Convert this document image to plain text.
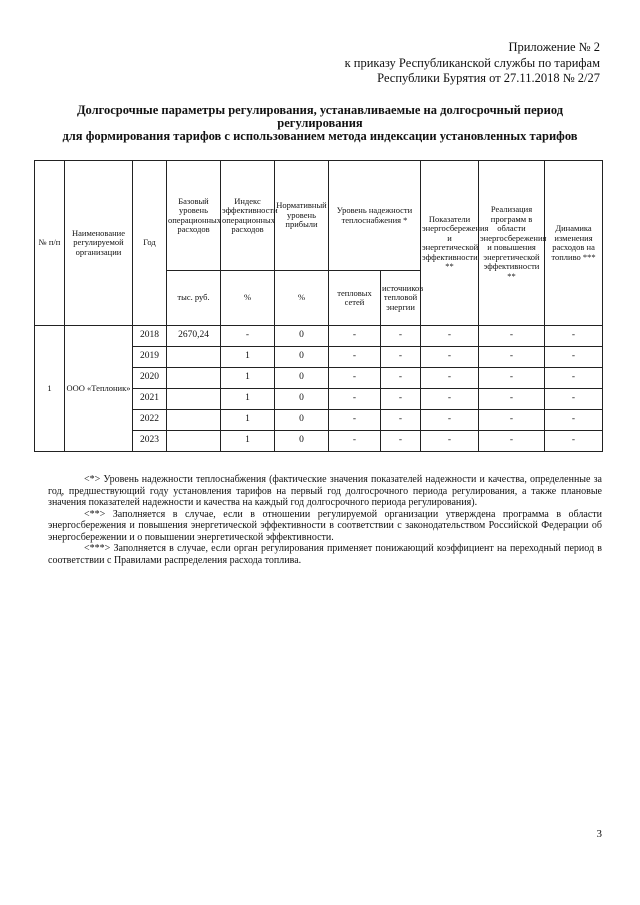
Приложение № 2
к приказу Республиканской службы по тарифам
Республики Бурятия от 27.11.2018 № 2/27
Долгосрочные параметры регулирования, устанавливаемые на долгосрочный период
регулирования
для формирования тарифов с использованием метода индексации установленных тарифов
№ п/п	Наименование регулируемой организации	Год	Базовый уровень операционных расходов	Индекс эффективности операционных расходов	Нормативный уровень прибыли	Уровень надежности теплоснабжения *		Показатели энергосбережения и энергетической эффективности **	Реализация программ в области энергосбережения и повышения энергетической эффективности **	Динамика изменения расходов на топливо ***
			тыс. руб.	%	%	тепловых сетей	источников тепловой энергии			
1	ООО «Теплоник»	2018	2670,24	-	0	-	-	-	-	-
		2019		1	0	-	-	-	-	-
		2020		1	0	-	-	-	-	-
		2021		1	0	-	-	-	-	-
		2022		1	0	-	-	-	-	-
		2023		1	0	-	-	-	-	-

<*> Уровень надежности теплоснабжения (фактические значения показателей надежности и качества, определенные за год, предшествующий году установления тарифов на первый год долгосрочного периода регулирования, а также плановые значения показателей надежности и качества на каждый год долгосрочного периода регулирования).

<**> Заполняется в случае, если в отношении регулируемой организации утверждена программа в области энергосбережения и повышения энергетической эффективности в соответствии с законодательством Российской Федерации об энергосбережении и о повышении энергетической эффективности.

<***> Заполняется в случае, если орган регулирования применяет понижающий коэффициент на переходный период в соответствии с Правилами распределения расхода топлива.

3
